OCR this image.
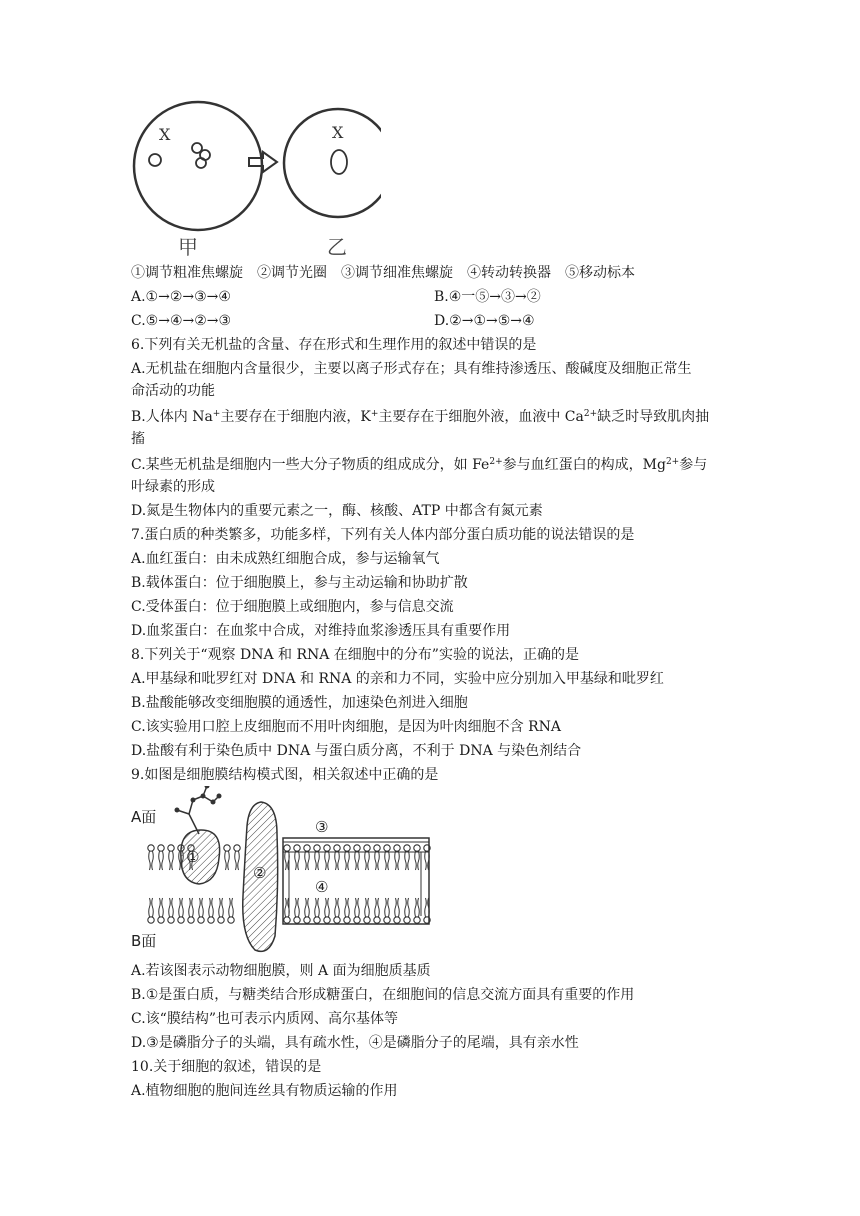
X	X
甲	乙
①调节粗准焦螺旋　②调节光圈　③调节细准焦螺旋　④转动转换器　⑤移动标本
A.①→②→③→④	B.④一⑤→③→②
C.⑤→④→②→③	D.②→①→⑤→④
6.下列有关无机盐的含量、存在形式和生理作用的叙述中错误的是
A.无机盐在细胞内含量很少，主要以离子形式存在；具有维持渗透压、酸碱度及细胞正常生
命活动的功能
B.人体内 Na+主要存在于细胞内液，K+主要存在于细胞外液，血液中 $Ca^{2+}$缺乏时导致肌肉抽
搐
C.某些无机盐是细胞内一些大分子物质的组成成分，如 $Fe^{2+}$参与血红蛋白的构成，$Mg^{2+}$参与
叶绿素的形成
D.氮是生物体内的重要元素之一，酶、核酸、ATP 中都含有氮元素
7.蛋白质的种类繁多，功能多样，下列有关人体内部分蛋白质功能的说法错误的是
A.血红蛋白：由未成熟红细胞合成，参与运输氧气
B.载体蛋白：位于细胞膜上，参与主动运输和协助扩散
C.受体蛋白：位于细胞膜上或细胞内，参与信息交流
D.血浆蛋白：在血浆中合成，对维持血浆渗透压具有重要作用
8.下列关于“观察 DNA 和 RNA 在细胞中的分布”实验的说法，正确的是
A.甲基绿和吡罗红对 DNA 和 RNA 的亲和力不同，实验中应分别加入甲基绿和吡罗红
B.盐酸能够改变细胞膜的通透性，加速染色剂进入细胞
C.该实验用口腔上皮细胞而不用叶肉细胞，是因为叶肉细胞不含 RNA
D.盐酸有利于染色质中 DNA 与蛋白质分离，不利于 DNA 与染色剂结合
9.如图是细胞膜结构模式图，相关叙述中正确的是
A面
B面
①
②
③
④
A.若该图表示动物细胞膜，则 A 面为细胞质基质
B.①是蛋白质，与糖类结合形成糖蛋白，在细胞间的信息交流方面具有重要的作用
C.该“膜结构”也可表示内质网、高尔基体等
D.③是磷脂分子的头端，具有疏水性，④是磷脂分子的尾端，具有亲水性
10.关于细胞的叙述，错误的是
A.植物细胞的胞间连丝具有物质运输的作用
